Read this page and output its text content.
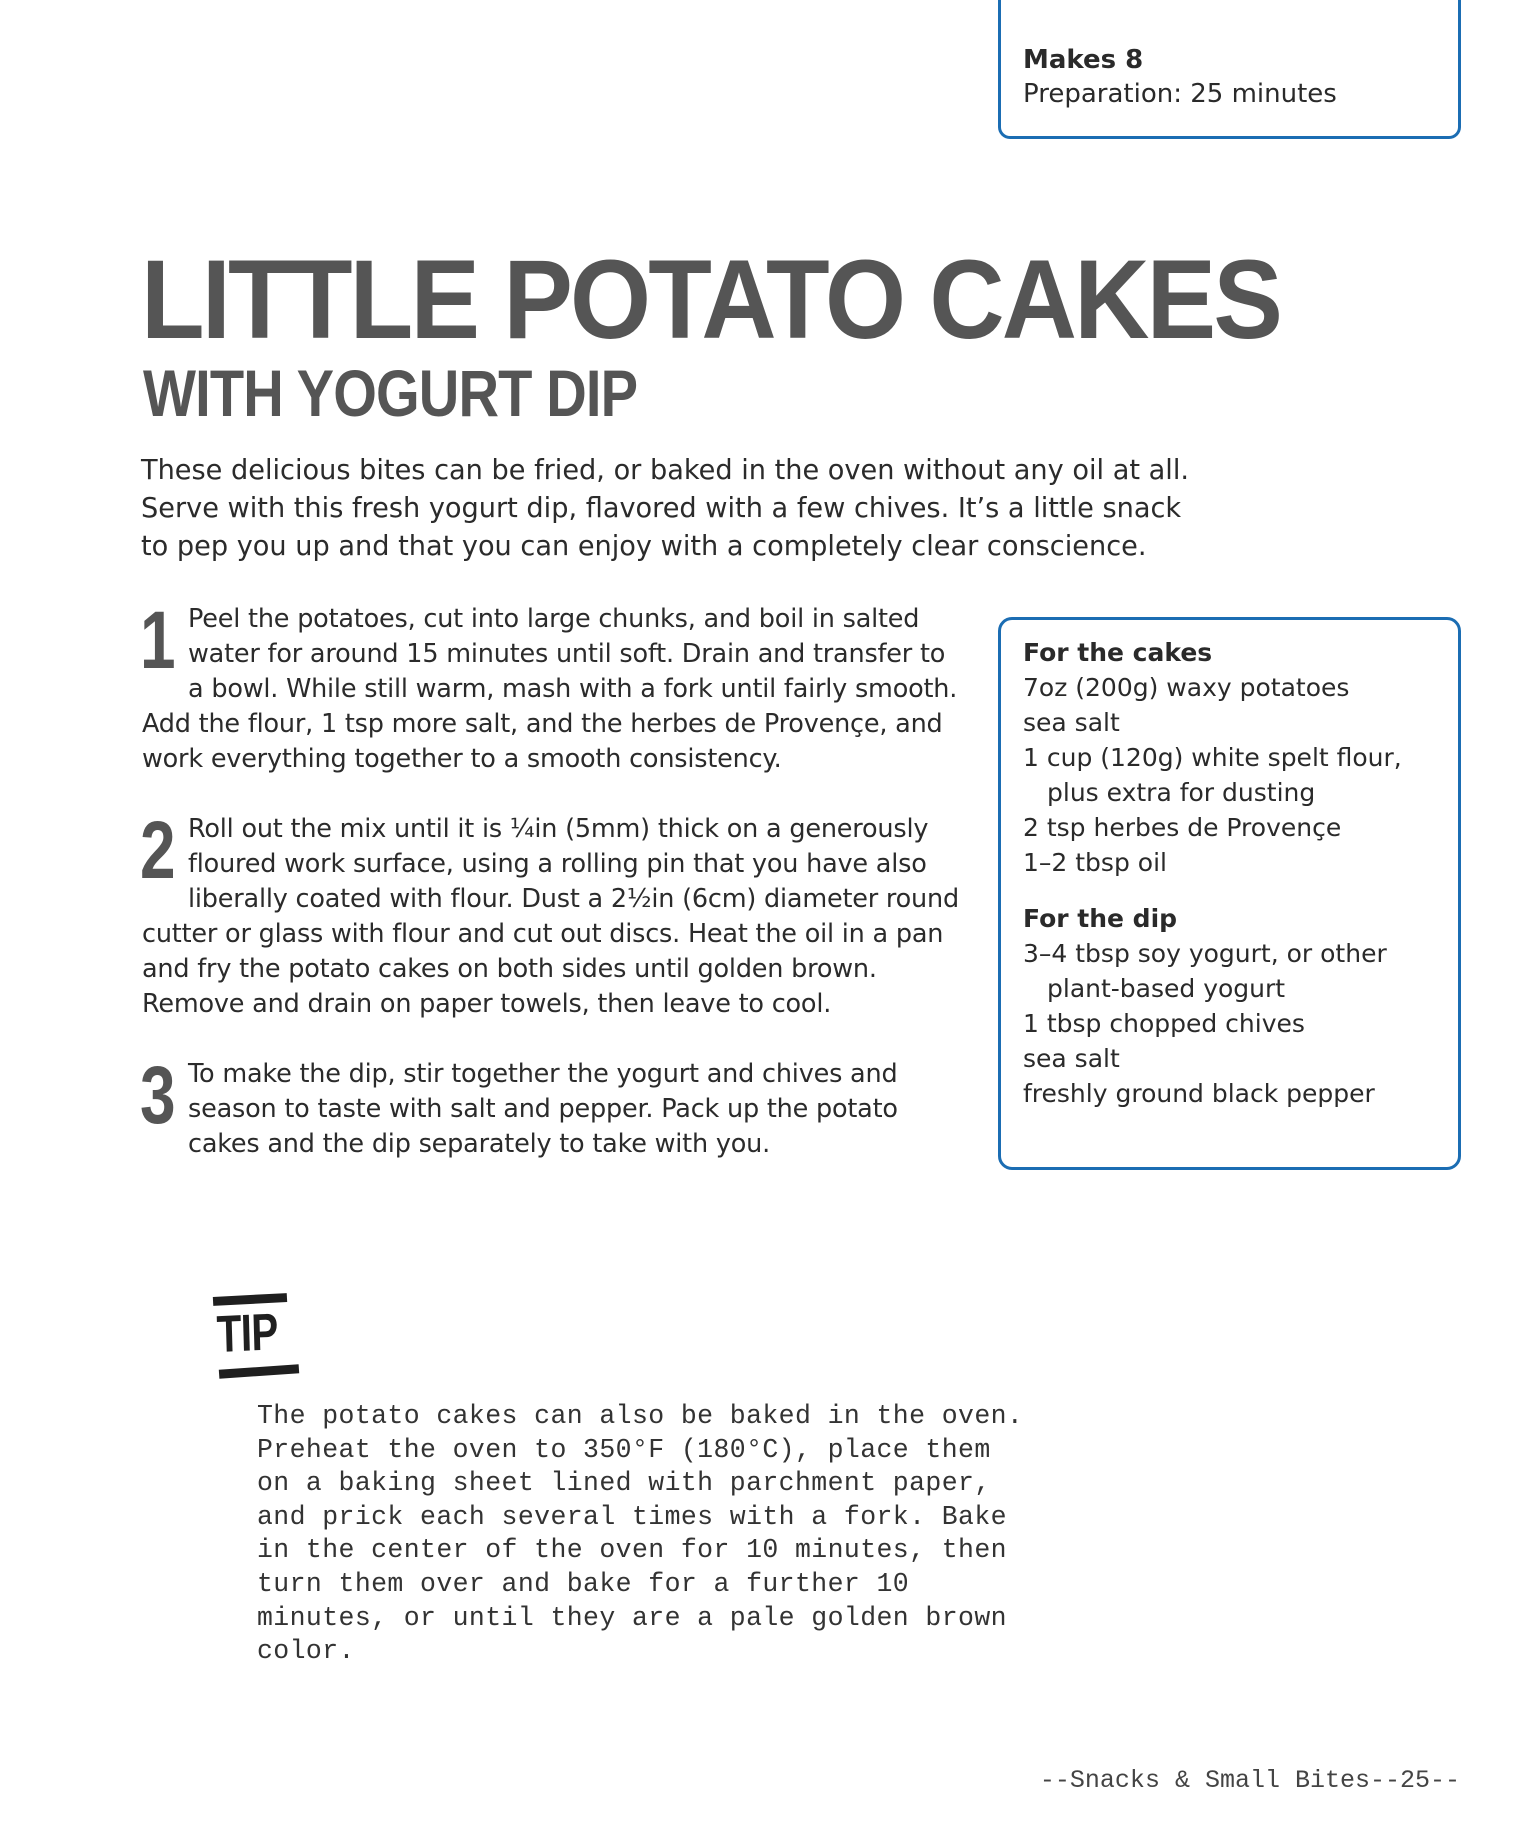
Makes 8
Preparation: 25 minutes
LITTLE POTATO CAKES
WITH YOGURT DIP

These delicious bites can be fried, or baked in the oven without any oil at all. Serve with this fresh yogurt dip, flavored with a few chives. It’s a little snack to pep you up and that you can enjoy with a completely clear conscience.

1 Peel the potatoes, cut into large chunks, and boil in salted water for around 15 minutes until soft. Drain and transfer to a bowl. While still warm, mash with a fork until fairly smooth. Add the flour, 1 tsp more salt, and the herbes de Provençe, and work everything together to a smooth consistency.

2 Roll out the mix until it is ¼in (5mm) thick on a generously floured work surface, using a rolling pin that you have also liberally coated with flour. Dust a 2½in (6cm) diameter round cutter or glass with flour and cut out discs. Heat the oil in a pan and fry the potato cakes on both sides until golden brown. Remove and drain on paper towels, then leave to cool.

3 To make the dip, stir together the yogurt and chives and season to taste with salt and pepper. Pack up the potato cakes and the dip separately to take with you.

For the cakes

7oz (200g) waxy potatoes
sea salt
1 cup (120g) white spelt flour, plus extra for dusting
2 tsp herbes de Provençe
1–2 tbsp oil

For the dip

3–4 tbsp soy yogurt, or other plant-based yogurt
1 tbsp chopped chives
sea salt
freshly ground black pepper
TIP

The potato cakes can also be baked in the oven. Preheat the oven to 350°F (180°C), place them on a baking sheet lined with parchment paper, and prick each several times with a fork. Bake in the center of the oven for 10 minutes, then turn them over and bake for a further 10 minutes, or until they are a pale golden brown color.

--Snacks & Small Bites--25--
